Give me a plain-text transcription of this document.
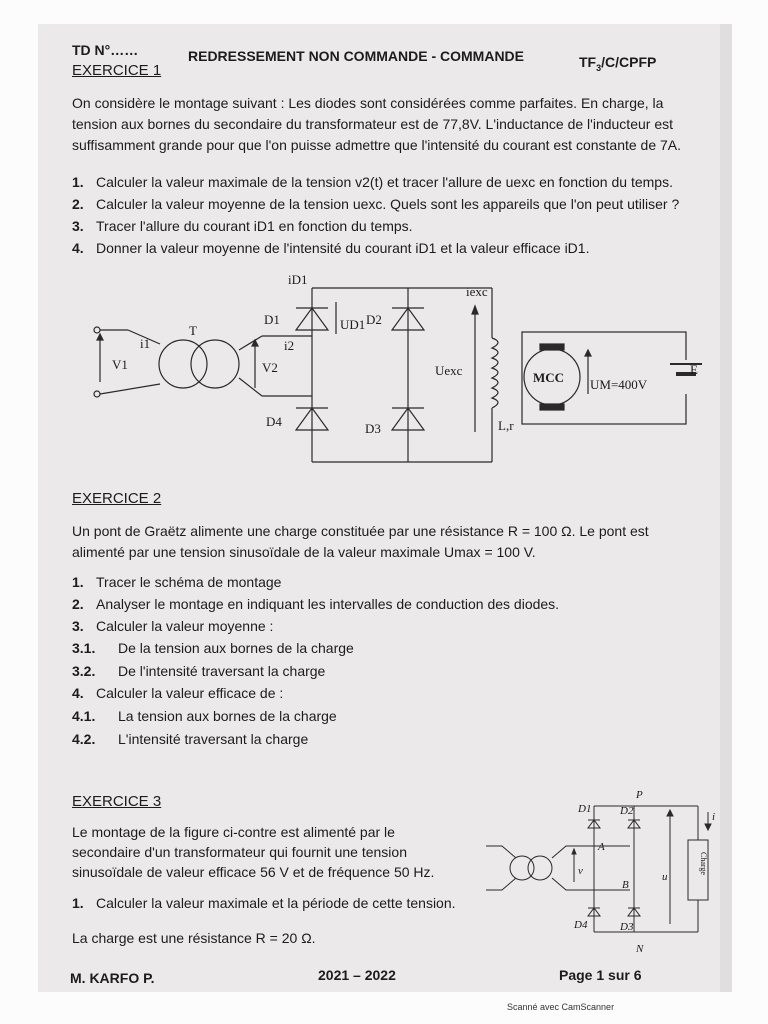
TD N°……	REDRESSEMENT NON COMMANDE - COMMANDE	$TF_3/C$/CPFP
EXERCICE 1
On considère le montage suivant : Les diodes sont considérées comme parfaites. En charge, la
tension aux bornes du secondaire du transformateur est de 77,8V. L'inductance de l'inducteur est
suffisamment grande pour que l'on puisse admettre que l'intensité du courant est constante de 7A.
1. Calculer la valeur maximale de la tension v2(t) et tracer l'allure de uexc en fonction du temps.
2. Calculer la valeur moyenne de la tension uexc. Quels sont les appareils que l'on peut utiliser ?
3. Tracer l'allure du courant iD1 en fonction du temps.
4. Donner la valeur moyenne de l'intensité du courant iD1 et la valeur efficace iD1.
iD1
D1	UD1 D2
D4	D3
T
i1	i2
V1	V2
iexc
Uexc
L,r
MCC UM=400V
E
EXERCICE 2
Un pont de Graëtz alimente une charge constituée par une résistance R = 100 Ω. Le pont est
alimenté par une tension sinusoïdale de la valeur maximale Umax = 100 V.
1. Tracer le schéma de montage
2. Analyser le montage en indiquant les intervalles de conduction des diodes.
3. Calculer la valeur moyenne :
3.1. De la tension aux bornes de la charge
3.2. De l'intensité traversant la charge
4. Calculer la valeur efficace de :
4.1. La tension aux bornes de la charge
4.2. L'intensité traversant la charge
EXERCICE 3
Le montage de la figure ci-contre est alimenté par le
secondaire d'un transformateur qui fournit une tension
sinusoïdale de valeur efficace 56 V et de fréquence 50 Hz.
1. Calculer la valeur maximale et la période de cette tension.
La charge est une résistance R = 20 Ω.
P
N
A
B
D1	D2
D4	D3
v	u
i
Charge
M. KARFO P.	2021 – 2022	Page 1 sur 6
Scanné avec CamScanner
